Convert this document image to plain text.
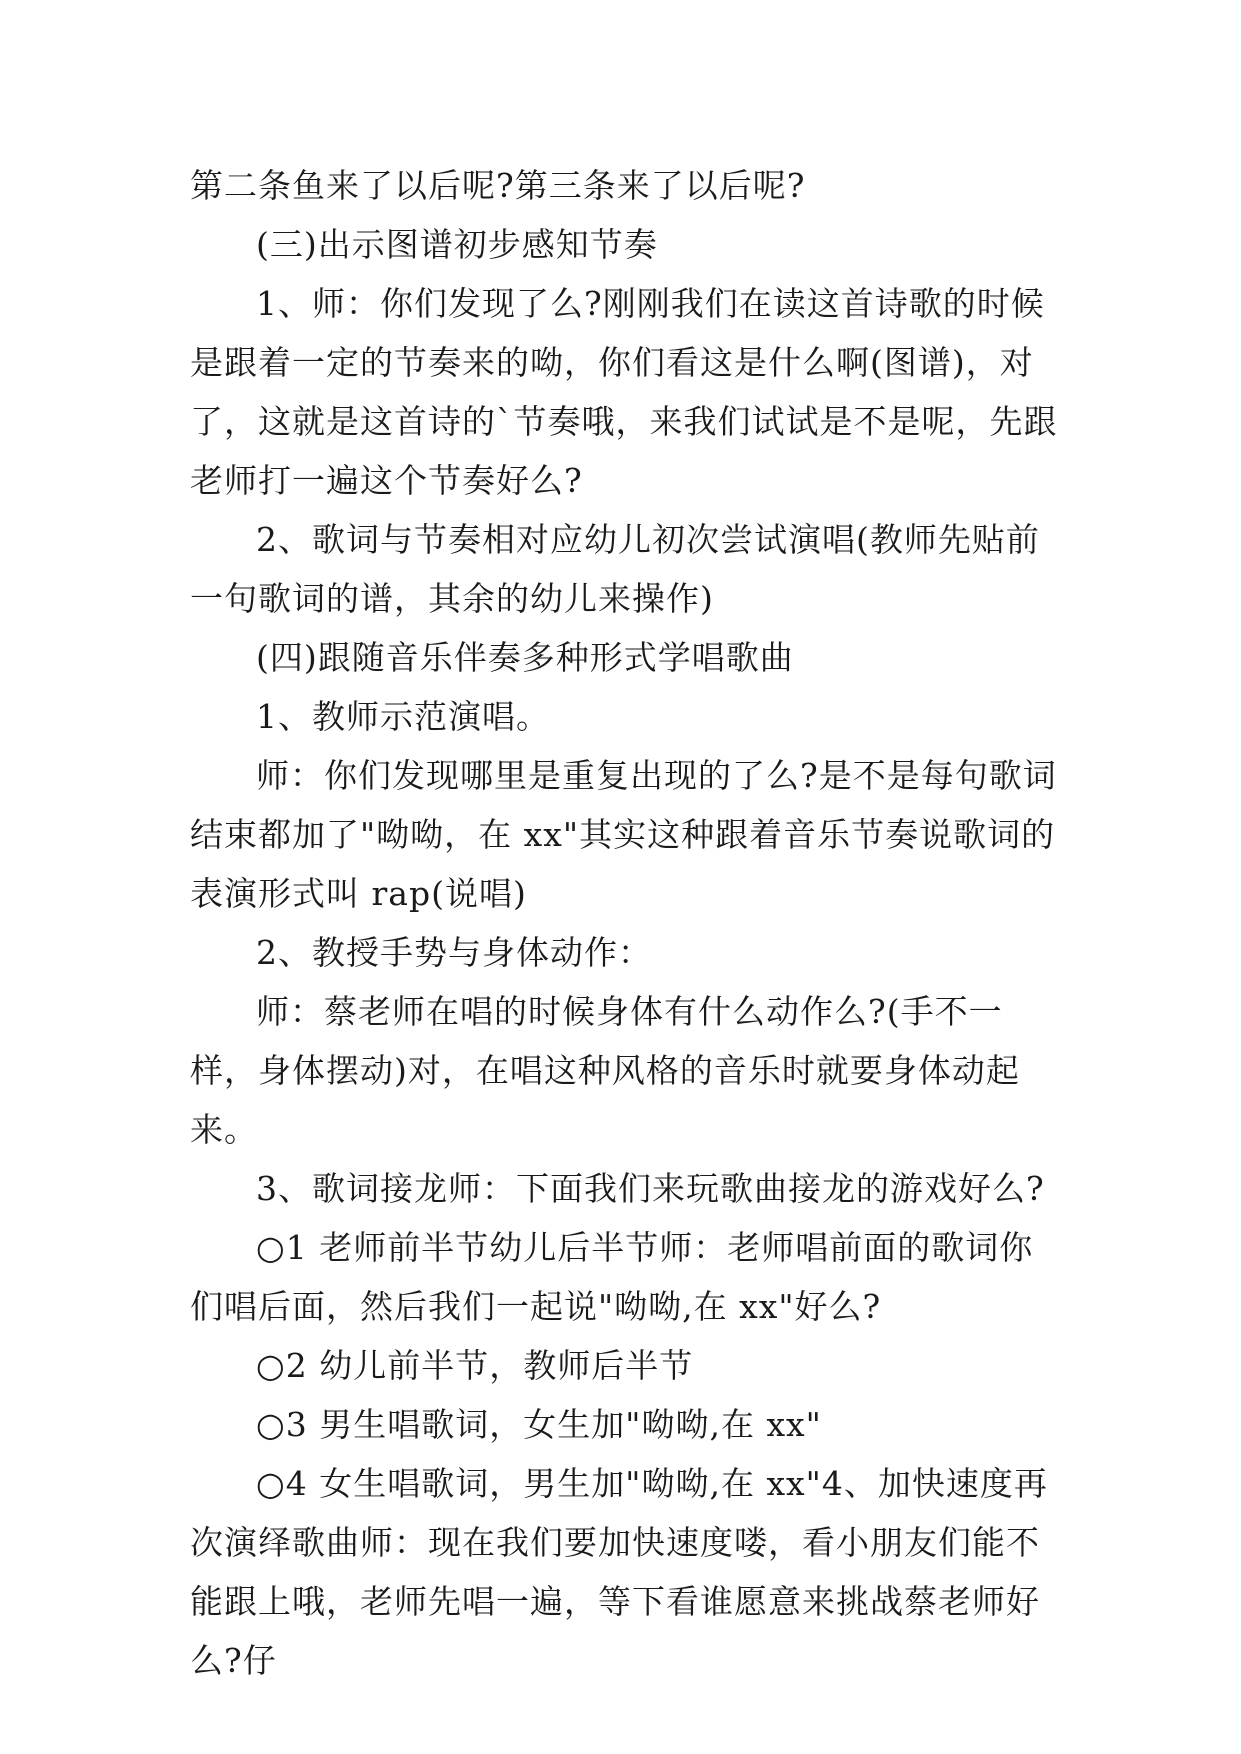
第二条鱼来了以后呢?第三条来了以后呢?

(三)出示图谱初步感知节奏

1、师：你们发现了么?刚刚我们在读这首诗歌的时候是跟着一定的节奏来的呦，你们看这是什么啊(图谱)，对了，这就是这首诗的`节奏哦，来我们试试是不是呢，先跟老师打一遍这个节奏好么?

2、歌词与节奏相对应幼儿初次尝试演唱(教师先贴前一句歌词的谱，其余的幼儿来操作)

(四)跟随音乐伴奏多种形式学唱歌曲

1、教师示范演唱。

师：你们发现哪里是重复出现的了么?是不是每句歌词结束都加了"呦呦，在 xx"其实这种跟着音乐节奏说歌词的表演形式叫 rap(说唱)

2、教授手势与身体动作：

师：蔡老师在唱的时候身体有什么动作么?(手不一样，身体摆动)对，在唱这种风格的音乐时就要身体动起来。

3、歌词接龙师：下面我们来玩歌曲接龙的游戏好么?

○1 老师前半节幼儿后半节师：老师唱前面的歌词你们唱后面，然后我们一起说"呦呦,在 xx"好么?

○2 幼儿前半节，教师后半节

○3 男生唱歌词，女生加"呦呦,在 xx"

○4 女生唱歌词，男生加"呦呦,在 xx"4、加快速度再次演绎歌曲师：现在我们要加快速度喽，看小朋友们能不能跟上哦，老师先唱一遍，等下看谁愿意来挑战蔡老师好么?仔
